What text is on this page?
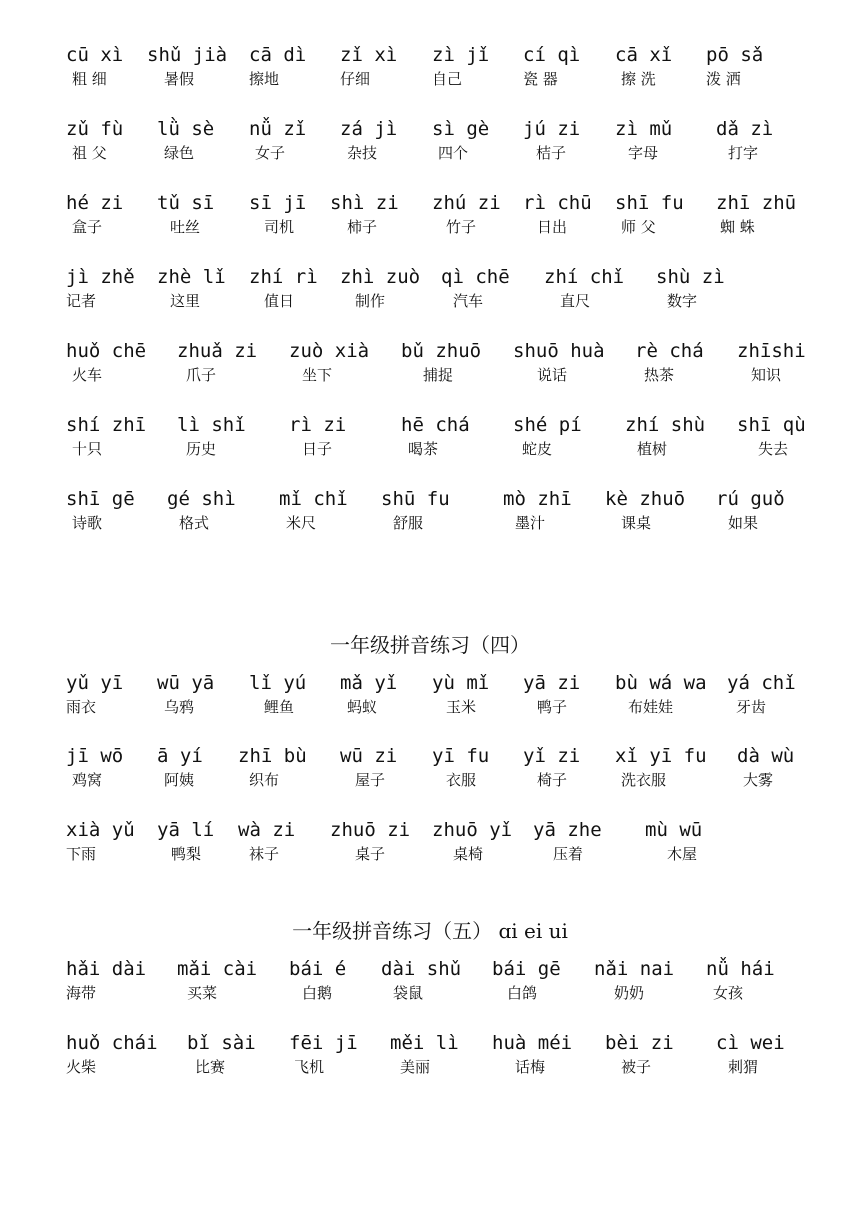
cū xì
粗 细
shǔ jià
暑假
cā dì
擦地
zǐ xì
仔细
zì jǐ
自己
cí qì
瓷 器
cā xǐ
擦 洗
pō sǎ
泼 洒
zǔ fù
祖 父
lǜ sè
绿色
nǚ zǐ
女子
zá jì
杂技
sì gè
四个
jú zi
桔子
zì mǔ
字母
dǎ zì
打字
hé zi
盒子
tǔ sī
吐丝
sī jī
司机
shì zi
柿子
zhú zi
竹子
rì chū
日出
shī fu
师 父
zhī zhū
蜘 蛛
jì zhě
记者
zhè lǐ
这里
zhí rì
值日
zhì zuò
制作
qì chē
汽车
zhí chǐ
直尺
shù zì
数字
huǒ chē
火车
zhuǎ zi
爪子
zuò xià
坐下
bǔ zhuō
捕捉
shuō huà
说话
rè chá
热茶
zhīshi
知识
shí zhī
十只
lì shǐ
历史
rì zi
日子
hē chá
喝茶
shé pí
蛇皮
zhí shù
植树
shī qù
失去
shī gē
诗歌
gé shì
格式
mǐ chǐ
米尺
shū fu
舒服
mò zhī
墨汁
kè zhuō
课桌
rú guǒ
如果
一年级拼音练习（四）
yǔ yī
雨衣
wū yā
乌鸦
lǐ yú
鲤鱼
mǎ yǐ
蚂蚁
yù mǐ
玉米
yā zi
鸭子
bù wá wa
布娃娃
yá chǐ
牙齿
jī wō
鸡窝
ā yí
阿姨
zhī bù
织布
wū zi
屋子
yī fu
衣服
yǐ zi
椅子
xǐ yī fu
洗衣服
dà wù
大雾
xià yǔ
下雨
yā lí
鸭梨
wà zi
袜子
zhuō zi
桌子
zhuō yǐ
桌椅
yā zhe
压着
mù wū
木屋
一年级拼音练习（五） ɑi ei ui
hǎi dài
海带
mǎi cài
买菜
bái é
白鹅
dài shǔ
袋鼠
bái gē
白鸽
nǎi nai
奶奶
nǚ hái
女孩
huǒ chái
火柴
bǐ sài
比赛
fēi jī
飞机
měi lì
美丽
huà méi
话梅
bèi zi
被子
cì wei
刺猬
